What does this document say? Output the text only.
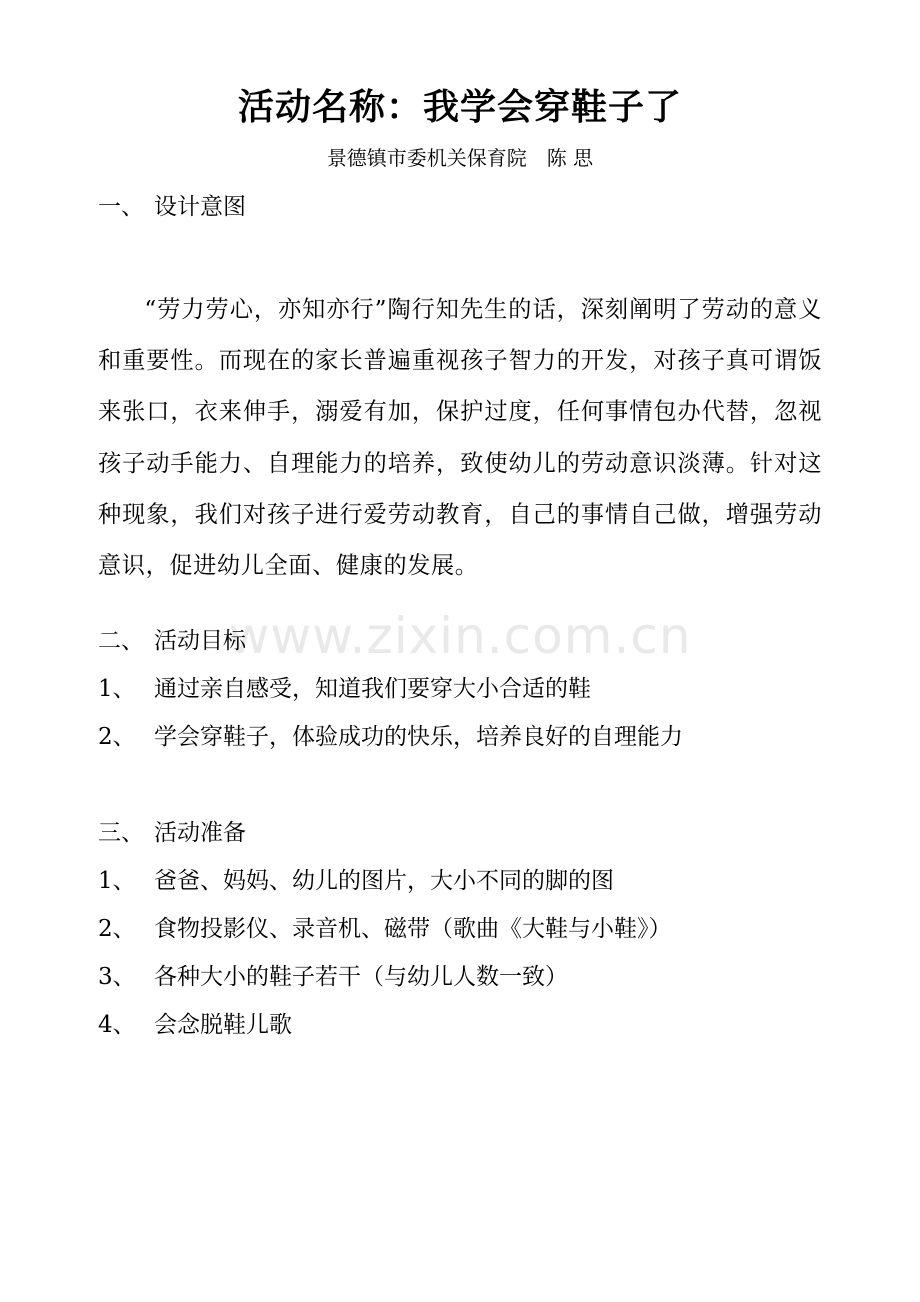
活动名称：我学会穿鞋子了
景德镇市委机关保育院　陈 思
一、 设计意图
“劳力劳心，亦知亦行”陶行知先生的话，深刻阐明了劳动的意义和重要性。而现在的家长普遍重视孩子智力的开发，对孩子真可谓饭来张口，衣来伸手，溺爱有加，保护过度，任何事情包办代替，忽视孩子动手能力、自理能力的培养，致使幼儿的劳动意识淡薄。针对这种现象，我们对孩子进行爱劳动教育，自己的事情自己做，增强劳动意识，促进幼儿全面、健康的发展。
www.zixin.com.cn
二、 活动目标
1、 通过亲自感受，知道我们要穿大小合适的鞋
2、 学会穿鞋子，体验成功的快乐，培养良好的自理能力
三、 活动准备
1、 爸爸、妈妈、幼儿的图片，大小不同的脚的图
2、 食物投影仪、录音机、磁带（歌曲《大鞋与小鞋》）
3、 各种大小的鞋子若干（与幼儿人数一致）
4、 会念脱鞋儿歌
